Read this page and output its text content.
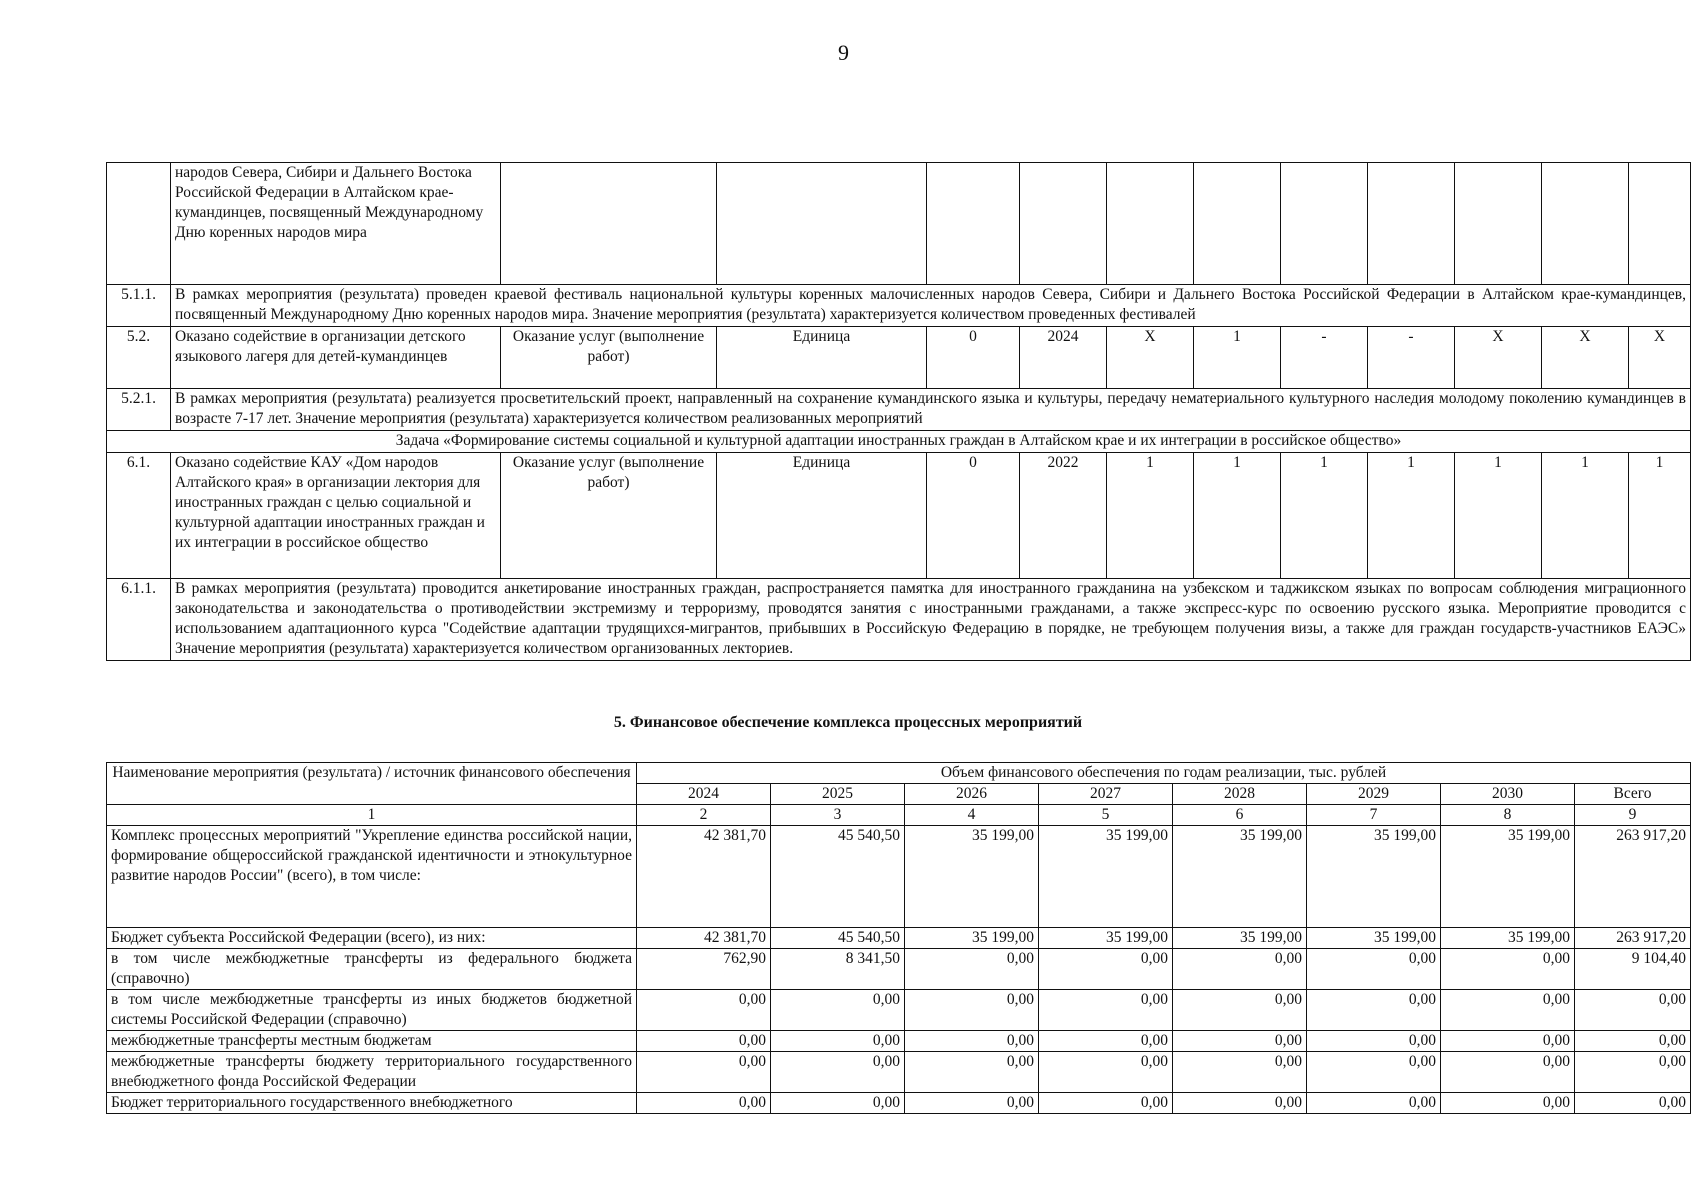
9
	народов Севера, Сибири и Дальнего Востока Российской Федерации в Алтайском крае-кумандинцев, посвященный Международному Дню коренных народов мира											
5.1.1.	В рамках мероприятия (результата) проведен краевой фестиваль национальной культуры коренных малочисленных народов Севера, Сибири и Дальнего Востока Российской Федерации в Алтайском крае-кумандинцев, посвященный Международному Дню коренных народов мира. Значение мероприятия (результата) характеризуется количеством проведенных фестивалей											
5.2.	Оказано содействие в организации детского языкового лагеря для детей-кумандинцев	Оказание услуг (выполнение работ)	Единица	0	2024	Х	1	-	-	Х	Х	Х
5.2.1.	В рамках мероприятия (результата) реализуется просветительский проект, направленный на сохранение кумандинского языка и культуры, передачу нематериального культурного наследия молодому поколению кумандинцев в возрасте 7-17 лет. Значение мероприятия (результата) характеризуется количеством реализованных мероприятий											
Задача «Формирование системы социальной и культурной адаптации иностранных граждан в Алтайском крае и их интеграции в российское общество»												
6.1.	Оказано содействие КАУ «Дом народов Алтайского края» в организации лектория для иностранных граждан с целью социальной и культурной адаптации иностранных граждан и их интеграции в российское общество	Оказание услуг (выполнение работ)	Единица	0	2022	1	1	1	1	1	1	1
6.1.1.	В рамках мероприятия (результата) проводится анкетирование иностранных граждан, распространяется памятка для иностранного гражданина на узбекском и таджикском языках по вопросам соблюдения миграционного законодательства и законодательства о противодействии экстремизму и терроризму, проводятся занятия с иностранными гражданами, а также экспресс-курс по освоению русского языка. Мероприятие проводится с использованием адаптационного курса "Содействие адаптации трудящихся-мигрантов, прибывших в Российскую Федерацию в порядке, не требующем получения визы, а также для граждан государств-участников ЕАЭС» Значение мероприятия (результата) характеризуется количеством организованных лекториев.											
5. Финансовое обеспечение комплекса процессных мероприятий
Наименование мероприятия (результата) / источник финансового обеспечения	Объем финансового обеспечения по годам реализации, тыс. рублей							
	2024	2025	2026	2027	2028	2029	2030	Всего
1	2	3	4	5	6	7	8	9
Комплекс процессных мероприятий "Укрепление единства российской нации, формирование общероссийской гражданской идентичности и этнокультурное развитие народов России" (всего), в том числе:	42 381,70	45 540,50	35 199,00	35 199,00	35 199,00	35 199,00	35 199,00	263 917,20
Бюджет субъекта Российской Федерации (всего), из них:	42 381,70	45 540,50	35 199,00	35 199,00	35 199,00	35 199,00	35 199,00	263 917,20
в том числе межбюджетные трансферты из федерального бюджета (справочно)	762,90	8 341,50	0,00	0,00	0,00	0,00	0,00	9 104,40
в том числе межбюджетные трансферты из иных бюджетов бюджетной системы Российской Федерации (справочно)	0,00	0,00	0,00	0,00	0,00	0,00	0,00	0,00
межбюджетные трансферты местным бюджетам	0,00	0,00	0,00	0,00	0,00	0,00	0,00	0,00
межбюджетные трансферты бюджету территориального государственного внебюджетного фонда Российской Федерации	0,00	0,00	0,00	0,00	0,00	0,00	0,00	0,00
Бюджет территориального государственного внебюджетного	0,00	0,00	0,00	0,00	0,00	0,00	0,00	0,00
